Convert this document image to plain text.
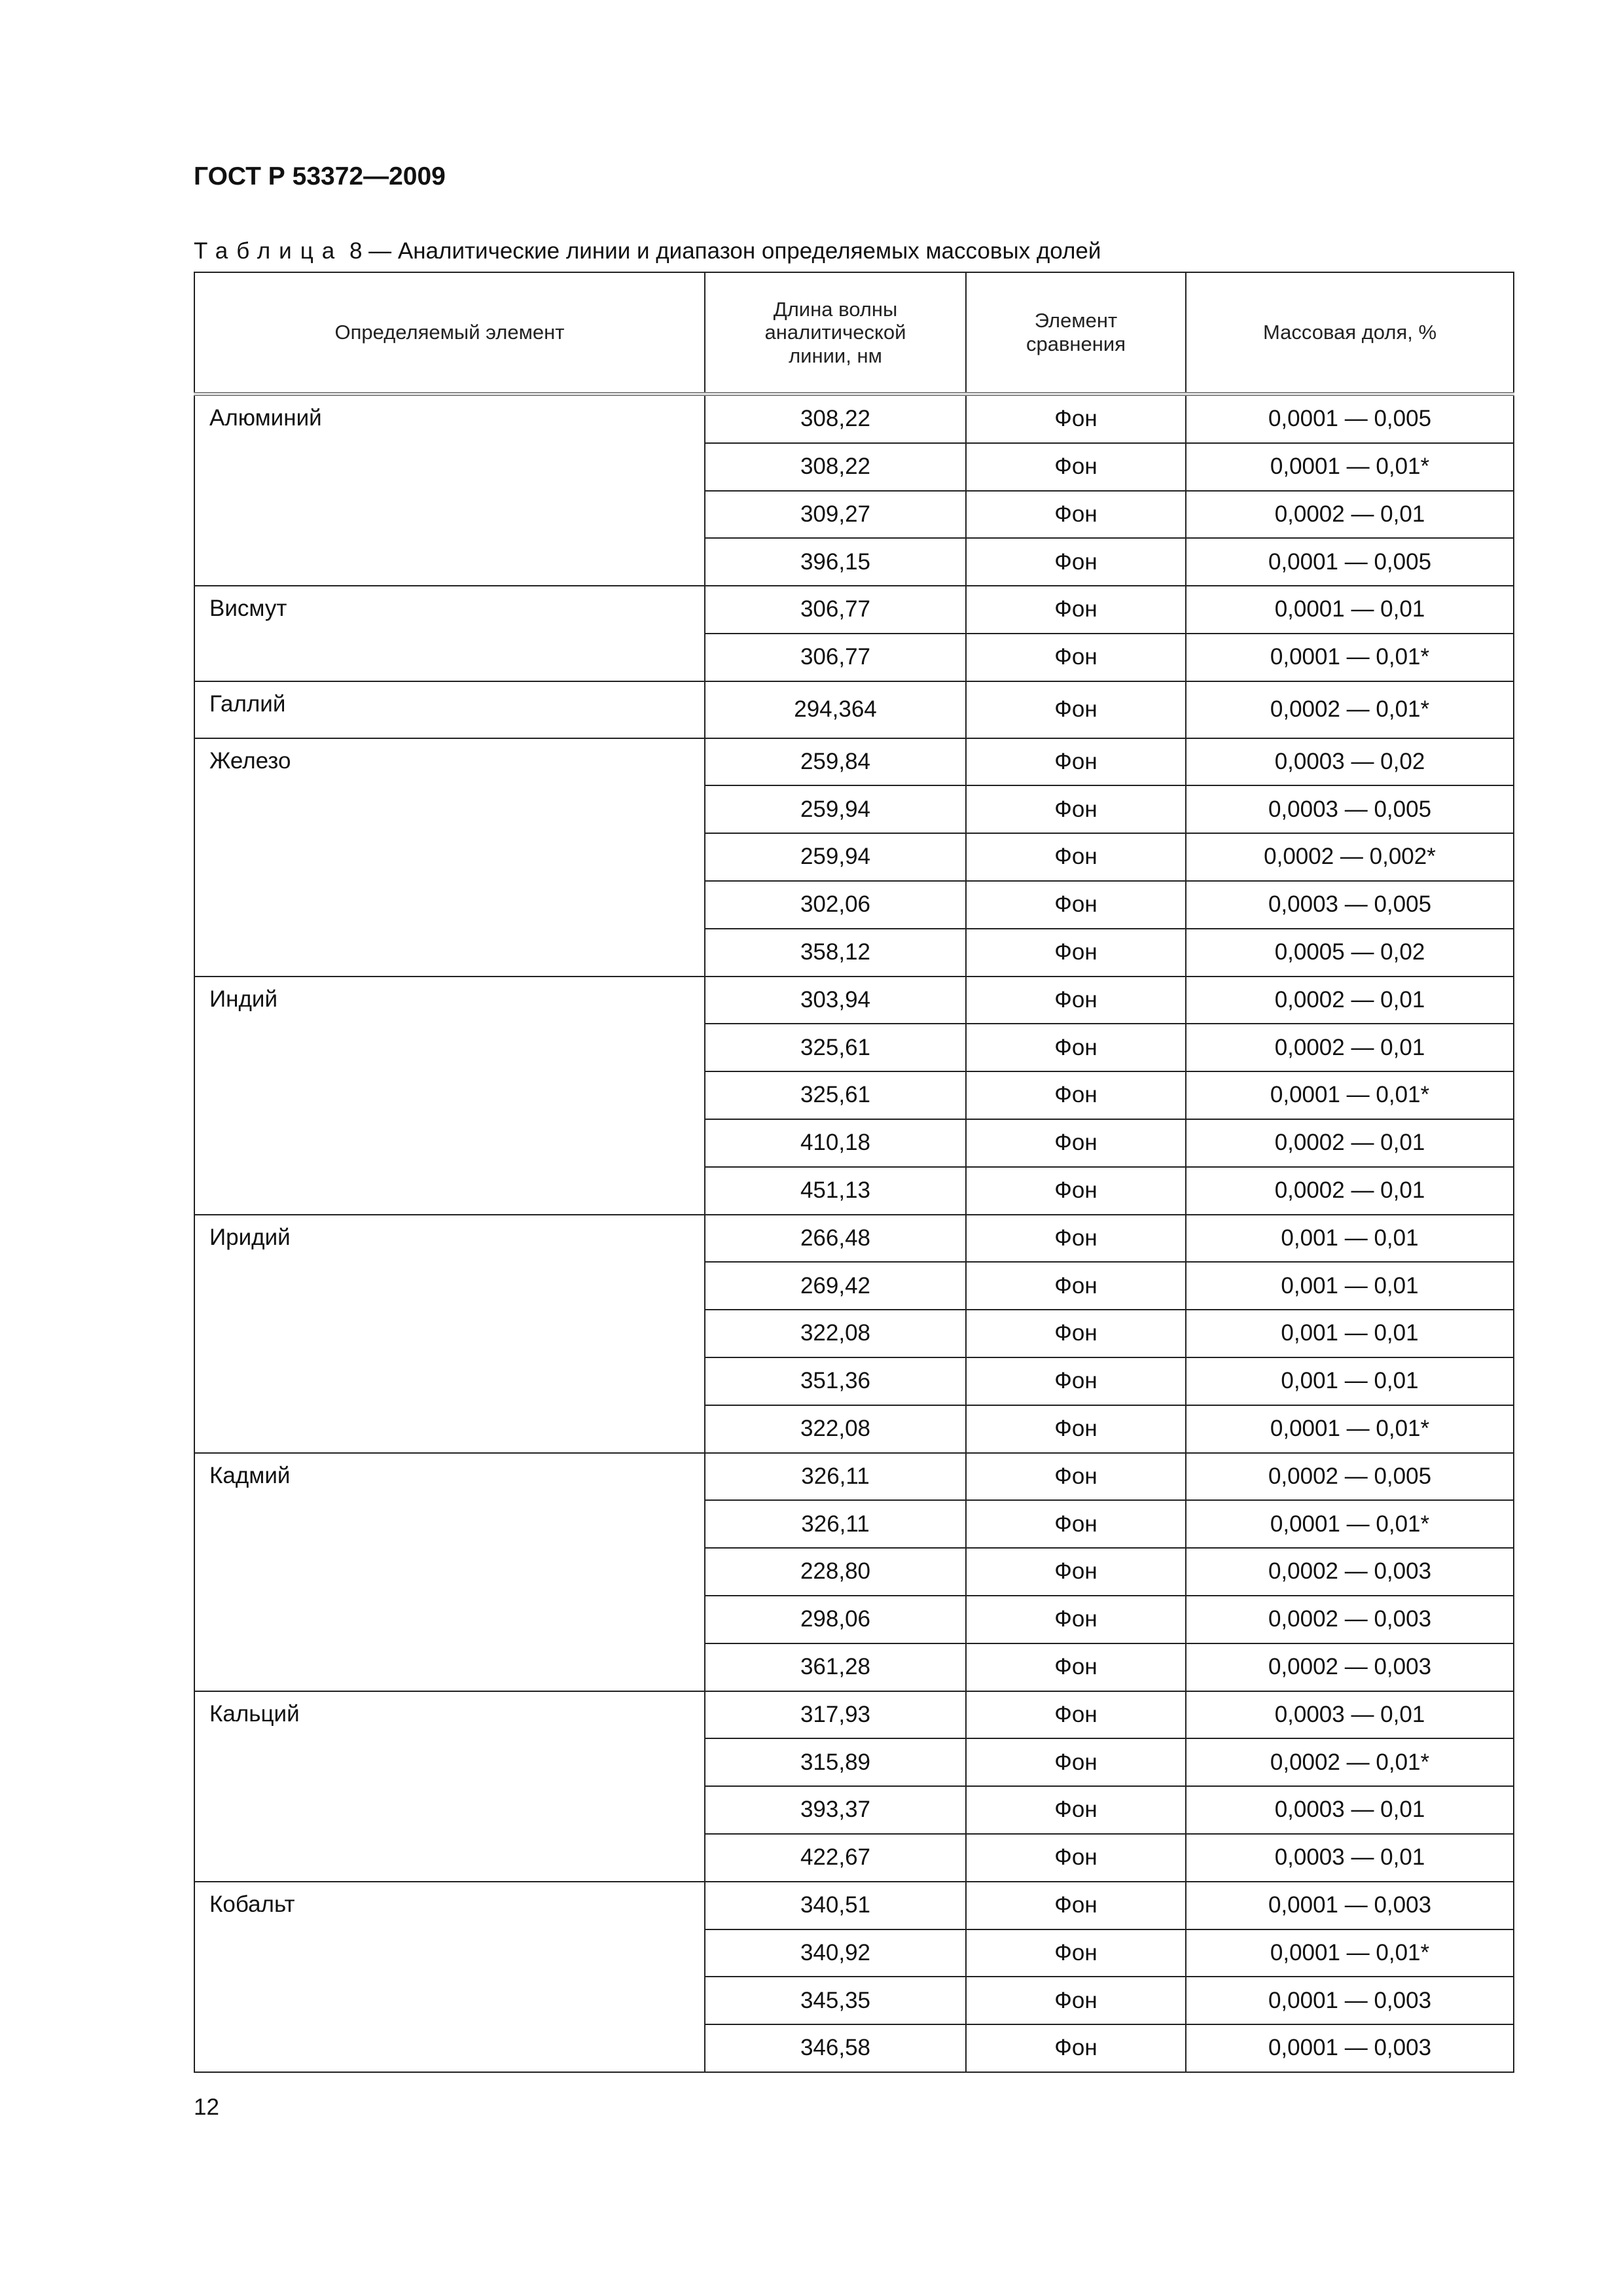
ГОСТ Р 53372—2009
Таблица 8 — Аналитические линии и диапазон определяемых массовых долей
Определяемый элемент	Длина волны аналитической линии, нм	Элемент сравнения	Массовая доля, %
Алюминий	308,22	Фон	0,0001 — 0,005
	308,22	Фон	0,0001 — 0,01*
	309,27	Фон	0,0002 — 0,01
	396,15	Фон	0,0001 — 0,005
Висмут	306,77	Фон	0,0001 — 0,01
	306,77	Фон	0,0001 — 0,01*
Галлий	294,364	Фон	0,0002 — 0,01*
Железо	259,84	Фон	0,0003 — 0,02
	259,94	Фон	0,0003 — 0,005
	259,94	Фон	0,0002 — 0,002*
	302,06	Фон	0,0003 — 0,005
	358,12	Фон	0,0005 — 0,02
Индий	303,94	Фон	0,0002 — 0,01
	325,61	Фон	0,0002 — 0,01
	325,61	Фон	0,0001 — 0,01*
	410,18	Фон	0,0002 — 0,01
	451,13	Фон	0,0002 — 0,01
Иридий	266,48	Фон	0,001 — 0,01
	269,42	Фон	0,001 — 0,01
	322,08	Фон	0,001 — 0,01
	351,36	Фон	0,001 — 0,01
	322,08	Фон	0,0001 — 0,01*
Кадмий	326,11	Фон	0,0002 — 0,005
	326,11	Фон	0,0001 — 0,01*
	228,80	Фон	0,0002 — 0,003
	298,06	Фон	0,0002 — 0,003
	361,28	Фон	0,0002 — 0,003
Кальций	317,93	Фон	0,0003 — 0,01
	315,89	Фон	0,0002 — 0,01*
	393,37	Фон	0,0003 — 0,01
	422,67	Фон	0,0003 — 0,01
Кобальт	340,51	Фон	0,0001 — 0,003
	340,92	Фон	0,0001 — 0,01*
	345,35	Фон	0,0001 — 0,003
	346,58	Фон	0,0001 — 0,003
12
